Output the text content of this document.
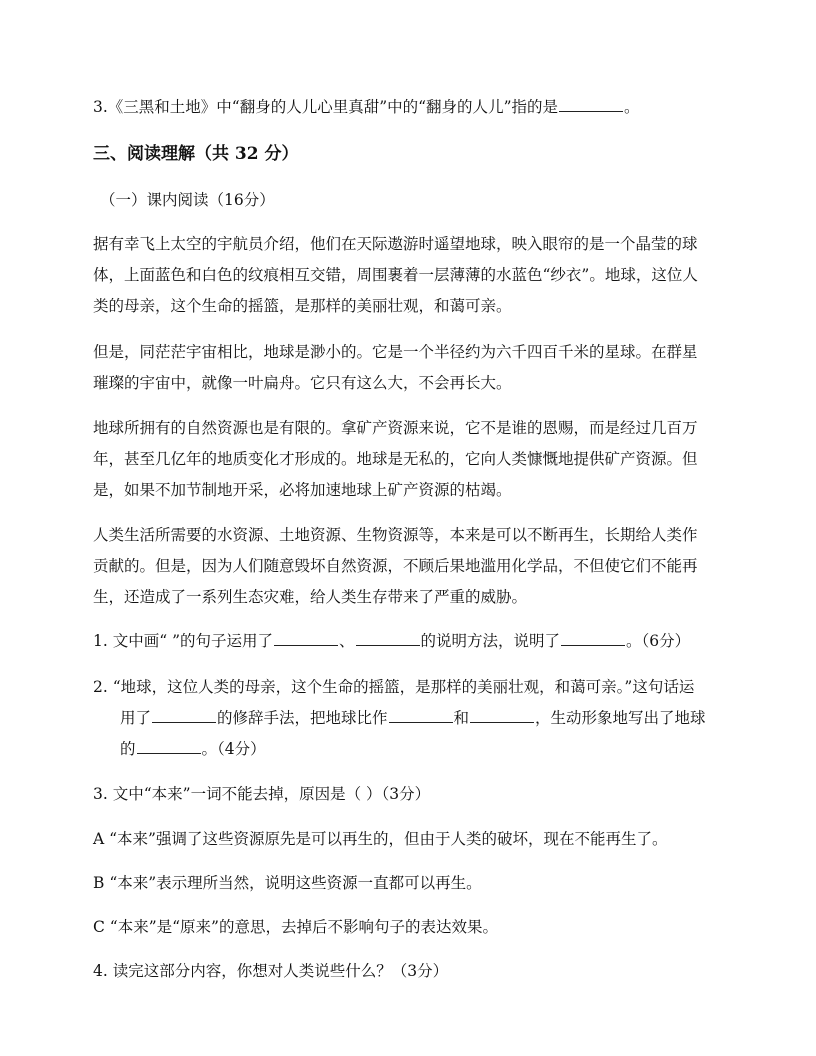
3.《三黑和土地》中“翻身的人儿心里真甜”中的“翻身的人儿”指的是	。
三、阅读理解（共 32 分）
（一）课内阅读（16分）
据有幸飞上太空的宇航员介绍，他们在天际遨游时遥望地球，映入眼帘的是一个晶莹的球
体，上面蓝色和白色的纹痕相互交错，周围裹着一层薄薄的水蓝色“纱衣”。地球，这位人
类的母亲，这个生命的摇篮，是那样的美丽壮观，和蔼可亲。
但是，同茫茫宇宙相比，地球是渺小的。它是一个半径约为六千四百千米的星球。在群星
璀璨的宇宙中，就像一叶扁舟。它只有这么大，不会再长大。
地球所拥有的自然资源也是有限的。拿矿产资源来说，它不是谁的恩赐，而是经过几百万
年，甚至几亿年的地质变化才形成的。地球是无私的，它向人类慷慨地提供矿产资源。但
是，如果不加节制地开采，必将加速地球上矿产资源的枯竭。
人类生活所需要的水资源、土地资源、生物资源等，本来是可以不断再生，长期给人类作
贡献的。但是，因为人们随意毁坏自然资源，不顾后果地滥用化学品，不但使它们不能再
生，还造成了一系列生态灾难，给人类生存带来了严重的威胁。
1. 文中画“ ”的句子运用了	、	的说明方法，说明了	。（6分）
2. “地球，这位人类的母亲，这个生命的摇篮，是那样的美丽壮观，和蔼可亲。”这句话运
用了	的修辞手法，把地球比作	和	，生动形象地写出了地球
的	。（4分）
3. 文中“本来”一词不能去掉，原因是（ ）（3分）
A “本来”强调了这些资源原先是可以再生的，但由于人类的破坏，现在不能再生了。
B “本来”表示理所当然，说明这些资源一直都可以再生。
C “本来”是“原来”的意思，去掉后不影响句子的表达效果。
4. 读完这部分内容，你想对人类说些什么？（3分）
